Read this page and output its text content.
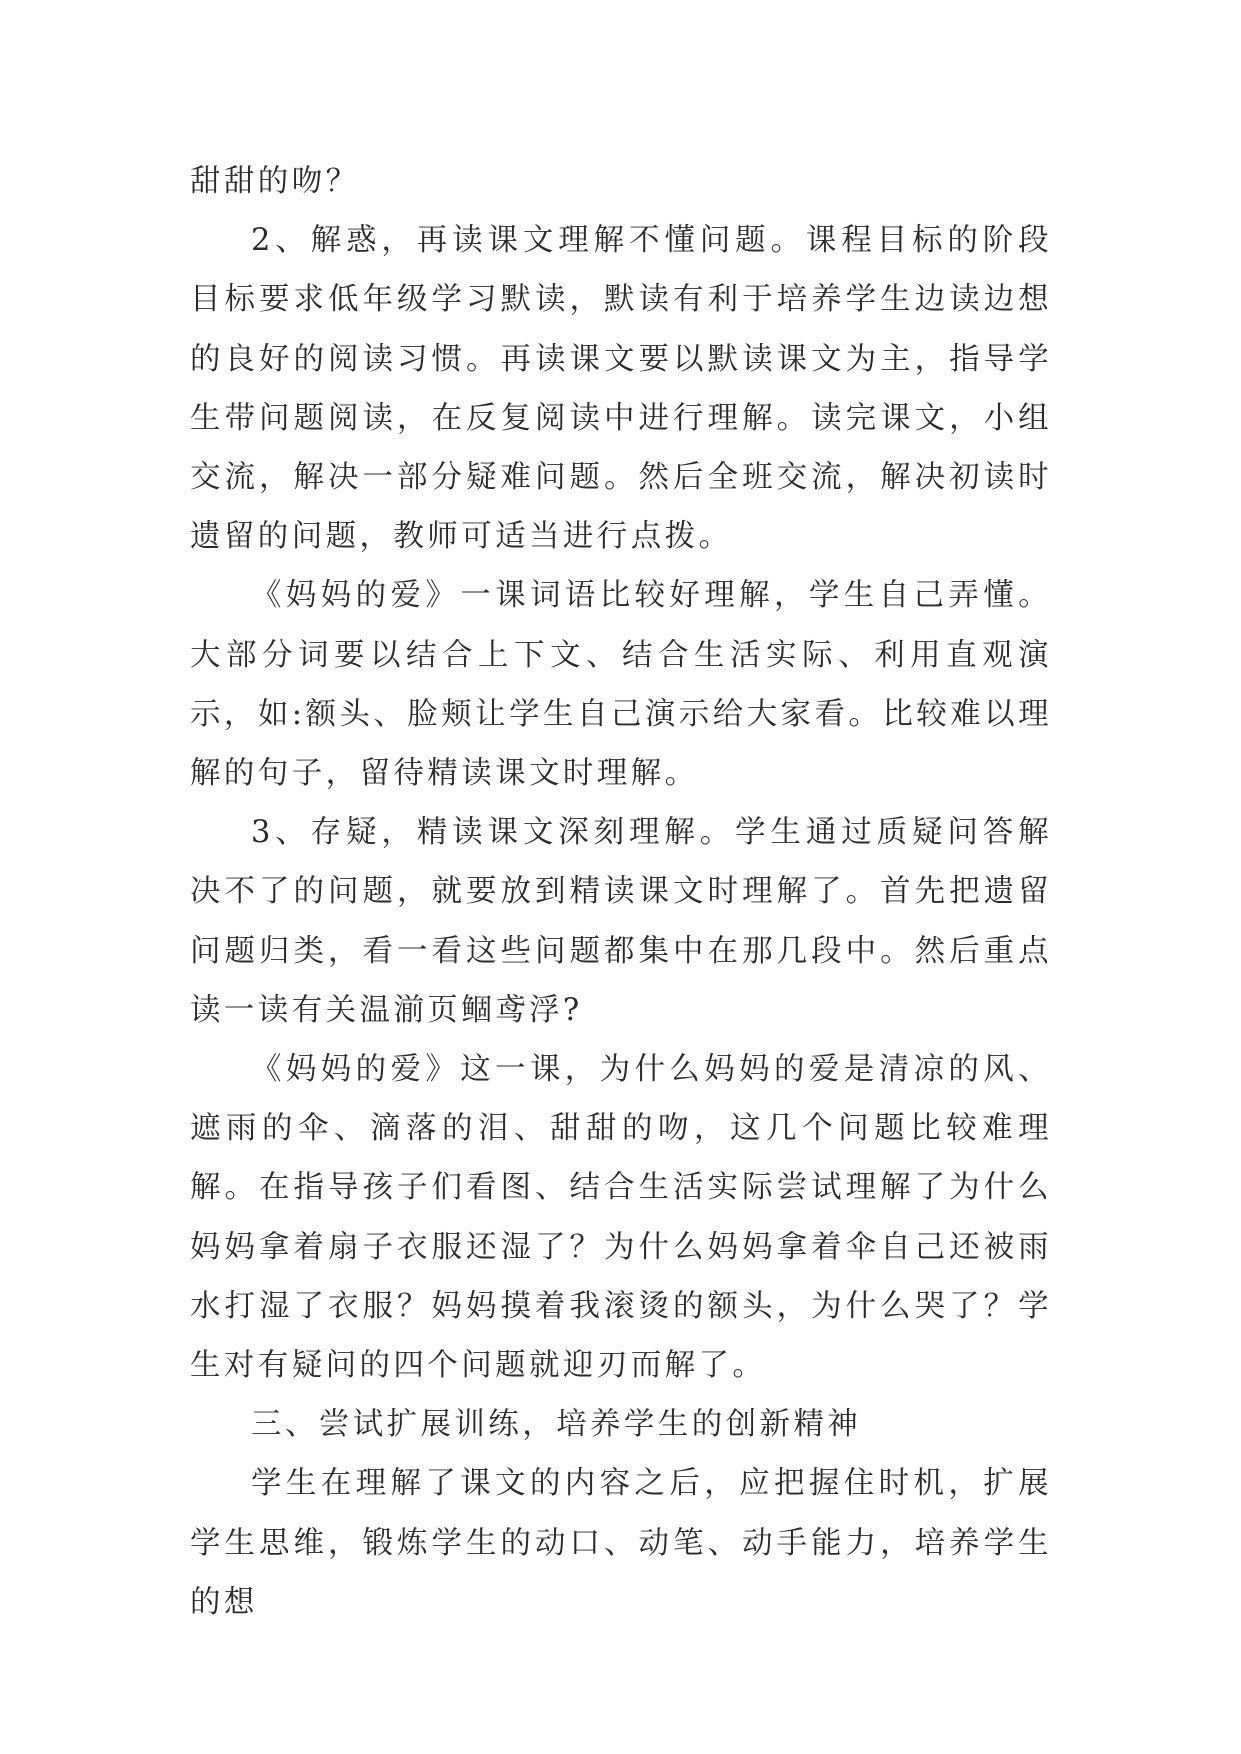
甜甜的吻？

2、解惑，再读课文理解不懂问题。课程目标的阶段目标要求低年级学习默读，默读有利于培养学生边读边想的良好的阅读习惯。再读课文要以默读课文为主，指导学生带问题阅读，在反复阅读中进行理解。读完课文，小组交流，解决一部分疑难问题。然后全班交流，解决初读时遗留的问题，教师可适当进行点拨。

《妈妈的爱》一课词语比较好理解，学生自己弄懂。大部分词要以结合上下文、结合生活实际、利用直观演示，如:额头、脸颊让学生自己演示给大家看。比较难以理解的句子，留待精读课文时理解。

3、存疑，精读课文深刻理解。学生通过质疑问答解决不了的问题，就要放到精读课文时理解了。首先把遗留问题归类，看一看这些问题都集中在那几段中。然后重点读一读有关温湔页鲴鸢浮?

《妈妈的爱》这一课，为什么妈妈的爱是清凉的风、遮雨的伞、滴落的泪、甜甜的吻，这几个问题比较难理解。在指导孩子们看图、结合生活实际尝试理解了为什么妈妈拿着扇子衣服还湿了？为什么妈妈拿着伞自己还被雨水打湿了衣服？妈妈摸着我滚烫的额头，为什么哭了？学生对有疑问的四个问题就迎刃而解了。

三、尝试扩展训练，培养学生的创新精神

学生在理解了课文的内容之后，应把握住时机，扩展学生思维，锻炼学生的动口、动笔、动手能力，培养学生的想
